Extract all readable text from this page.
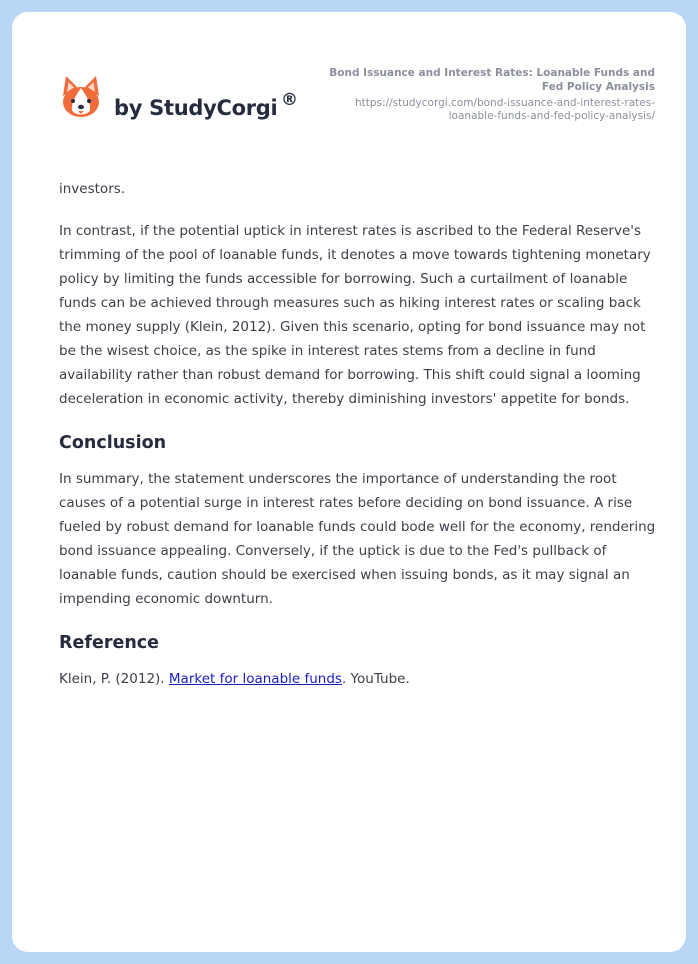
by StudyCorgi ®
Bond Issuance and Interest Rates: Loanable Funds and Fed Policy Analysis
https://studycorgi.com/bond-issuance-and-interest-rates-loanable-funds-and-fed-policy-analysis/

investors.

In contrast, if the potential uptick in interest rates is ascribed to the Federal Reserve's trimming of the pool of loanable funds, it denotes a move towards tightening monetary policy by limiting the funds accessible for borrowing. Such a curtailment of loanable funds can be achieved through measures such as hiking interest rates or scaling back the money supply (Klein, 2012). Given this scenario, opting for bond issuance may not be the wisest choice, as the spike in interest rates stems from a decline in fund availability rather than robust demand for borrowing. This shift could signal a looming deceleration in economic activity, thereby diminishing investors' appetite for bonds.

Conclusion

In summary, the statement underscores the importance of understanding the root causes of a potential surge in interest rates before deciding on bond issuance. A rise fueled by robust demand for loanable funds could bode well for the economy, rendering bond issuance appealing. Conversely, if the uptick is due to the Fed's pullback of loanable funds, caution should be exercised when issuing bonds, as it may signal an impending economic downturn.

Reference

Klein, P. (2012). Market for loanable funds. YouTube.
